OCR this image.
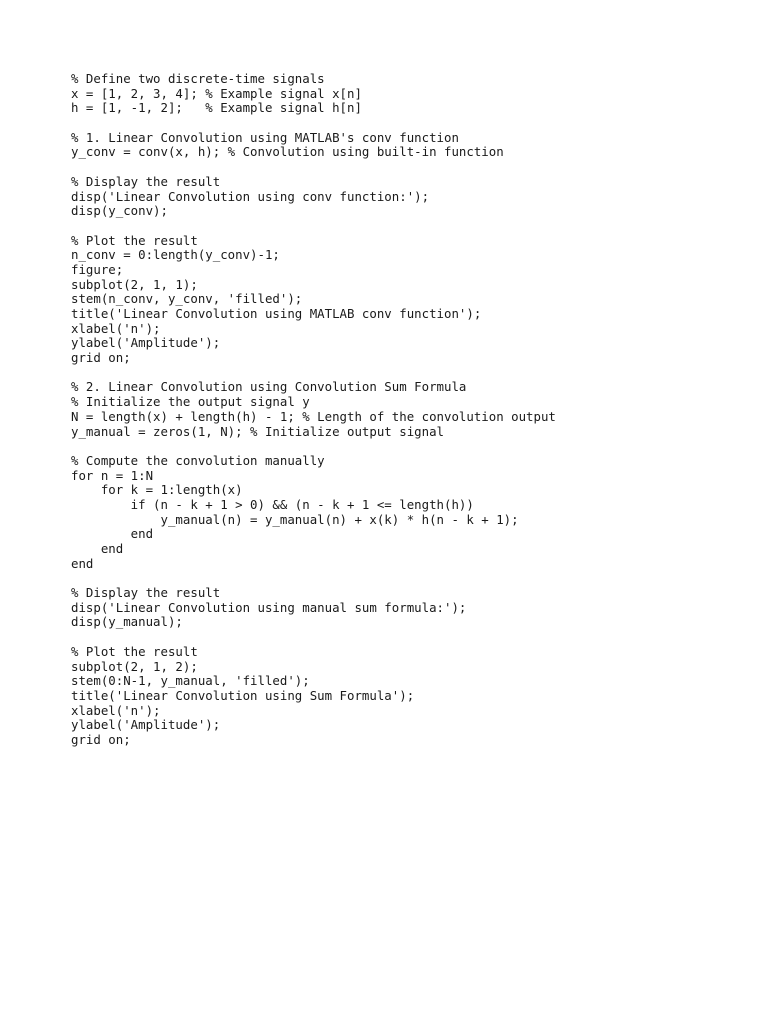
% Define two discrete-time signals
x = [1, 2, 3, 4]; % Example signal x[n]
h = [1, -1, 2];   % Example signal h[n]
% 1. Linear Convolution using MATLAB's conv function
y_conv = conv(x, h); % Convolution using built-in function
% Display the result
disp('Linear Convolution using conv function:');
disp(y_conv);
% Plot the result
n_conv = 0:length(y_conv)-1;
figure;
subplot(2, 1, 1);
stem(n_conv, y_conv, 'filled');
title('Linear Convolution using MATLAB conv function');
xlabel('n');
ylabel('Amplitude');
grid on;
% 2. Linear Convolution using Convolution Sum Formula
% Initialize the output signal y
N = length(x) + length(h) - 1; % Length of the convolution output
y_manual = zeros(1, N); % Initialize output signal
% Compute the convolution manually
for n = 1:N
for k = 1:length(x)
if (n - k + 1 > 0) && (n - k + 1 <= length(h))
y_manual(n) = y_manual(n) + x(k) * h(n - k + 1);
end
end
end
% Display the result
disp('Linear Convolution using manual sum formula:');
disp(y_manual);
% Plot the result
subplot(2, 1, 2);
stem(0:N-1, y_manual, 'filled');
title('Linear Convolution using Sum Formula');
xlabel('n');
ylabel('Amplitude');
grid on;
